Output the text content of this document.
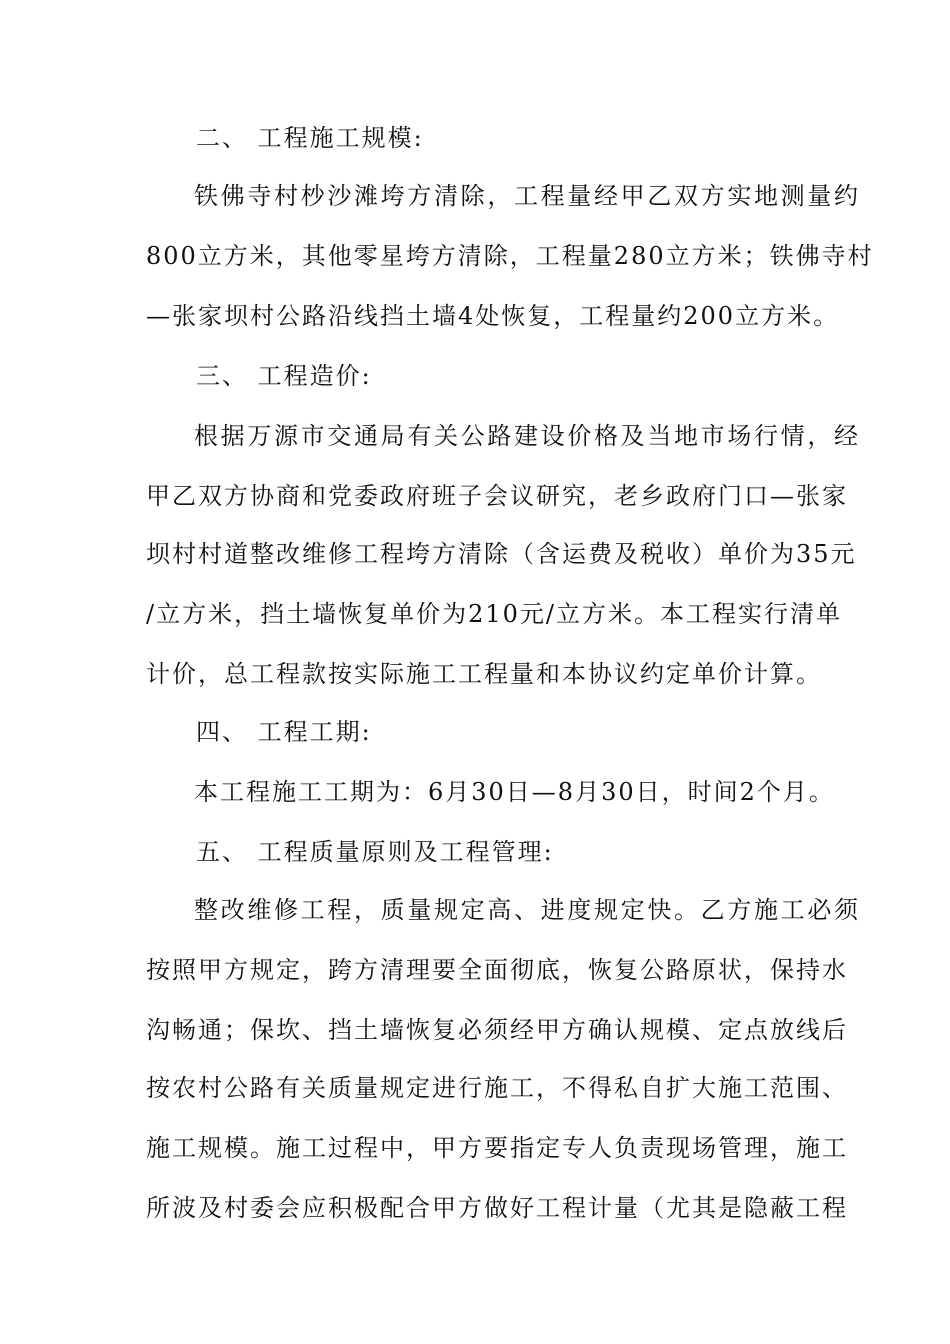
二、 工程施工规模:
铁佛寺村杪沙滩垮方清除，工程量经甲乙双方实地测量约
800立方米，其他零星垮方清除，工程量280立方米；铁佛寺村
—张家坝村公路沿线挡土墙4处恢复，工程量约200立方米。
三、 工程造价:
根据万源市交通局有关公路建设价格及当地市场行情，经
甲乙双方协商和党委政府班子会议研究，老乡政府门口—张家
坝村村道整改维修工程垮方清除（含运费及税收）单价为35元
/立方米，挡土墙恢复单价为210元/立方米。本工程实行清单
计价，总工程款按实际施工工程量和本协议约定单价计算。
四、 工程工期:
本工程施工工期为：6月30日—8月30日，时间2个月。
五、 工程质量原则及工程管理:
整改维修工程，质量规定高、进度规定快。乙方施工必须
按照甲方规定，跨方清理要全面彻底，恢复公路原状，保持水
沟畅通；保坎、挡土墙恢复必须经甲方确认规模、定点放线后
按农村公路有关质量规定进行施工，不得私自扩大施工范围、
施工规模。施工过程中，甲方要指定专人负责现场管理，施工
所波及村委会应积极配合甲方做好工程计量（尤其是隐蔽工程
